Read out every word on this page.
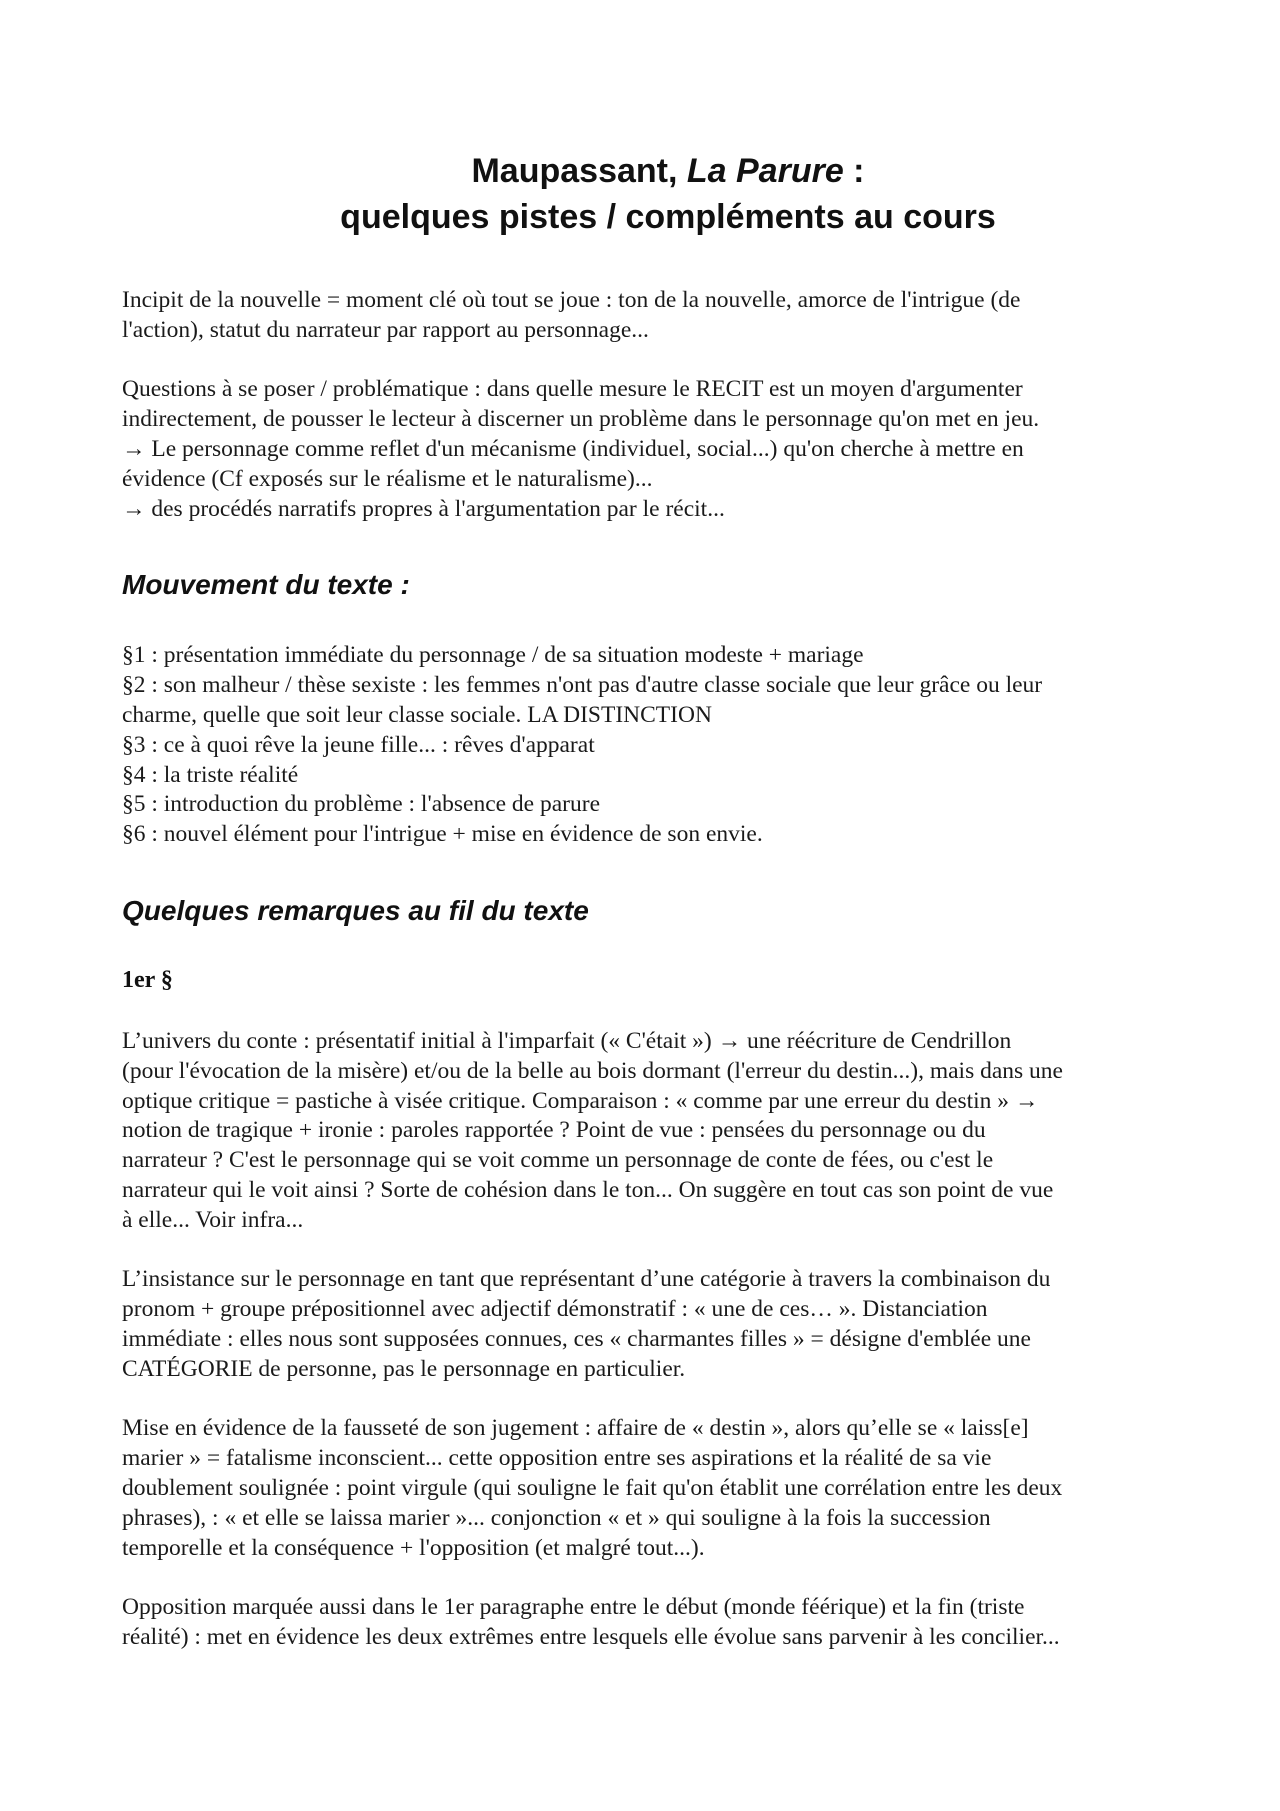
Maupassant, La Parure :
quelques pistes / compléments au cours

Incipit de la nouvelle = moment clé où tout se joue : ton de la nouvelle, amorce de l'intrigue (de
l'action), statut du narrateur par rapport au personnage...

Questions à se poser / problématique : dans quelle mesure le RECIT est un moyen d'argumenter
indirectement, de pousser le lecteur à discerner un problème dans le personnage qu'on met en jeu.
→ Le personnage comme reflet d'un mécanisme (individuel, social...) qu'on cherche à mettre en
évidence (Cf exposés sur le réalisme et le naturalisme)...
→ des procédés narratifs propres à l'argumentation par le récit...

Mouvement du texte :

§1 : présentation immédiate du personnage / de sa situation modeste + mariage
§2 : son malheur / thèse sexiste : les femmes n'ont pas d'autre classe sociale que leur grâce ou leur
charme, quelle que soit leur classe sociale. LA DISTINCTION
§3 : ce à quoi rêve la jeune fille... : rêves d'apparat
§4 : la triste réalité
§5 : introduction du problème : l'absence de parure
§6 : nouvel élément pour l'intrigue + mise en évidence de son envie.

Quelques remarques au fil du texte
1er §

L’univers du conte : présentatif initial à l'imparfait (« C'était ») → une réécriture de Cendrillon
(pour l'évocation de la misère) et/ou de la belle au bois dormant (l'erreur du destin...), mais dans une
optique critique = pastiche à visée critique. Comparaison : « comme par une erreur du destin » →
notion de tragique + ironie : paroles rapportée ? Point de vue : pensées du personnage ou du
narrateur ? C'est le personnage qui se voit comme un personnage de conte de fées, ou c'est le
narrateur qui le voit ainsi ? Sorte de cohésion dans le ton... On suggère en tout cas son point de vue
à elle... Voir infra...

L’insistance sur le personnage en tant que représentant d’une catégorie à travers la combinaison du
pronom + groupe prépositionnel avec adjectif démonstratif : « une de ces… ». Distanciation
immédiate : elles nous sont supposées connues, ces « charmantes filles » = désigne d'emblée une
CATÉGORIE de personne, pas le personnage en particulier.

Mise en évidence de la fausseté de son jugement : affaire de « destin », alors qu’elle se « laiss[e]
marier » = fatalisme inconscient... cette opposition entre ses aspirations et la réalité de sa vie
doublement soulignée : point virgule (qui souligne le fait qu'on établit une corrélation entre les deux
phrases), : « et elle se laissa marier »... conjonction « et » qui souligne à la fois la succession
temporelle et la conséquence + l'opposition (et malgré tout...).

Opposition marquée aussi dans le 1er paragraphe entre le début (monde féérique) et la fin (triste
réalité) : met en évidence les deux extrêmes entre lesquels elle évolue sans parvenir à les concilier...
